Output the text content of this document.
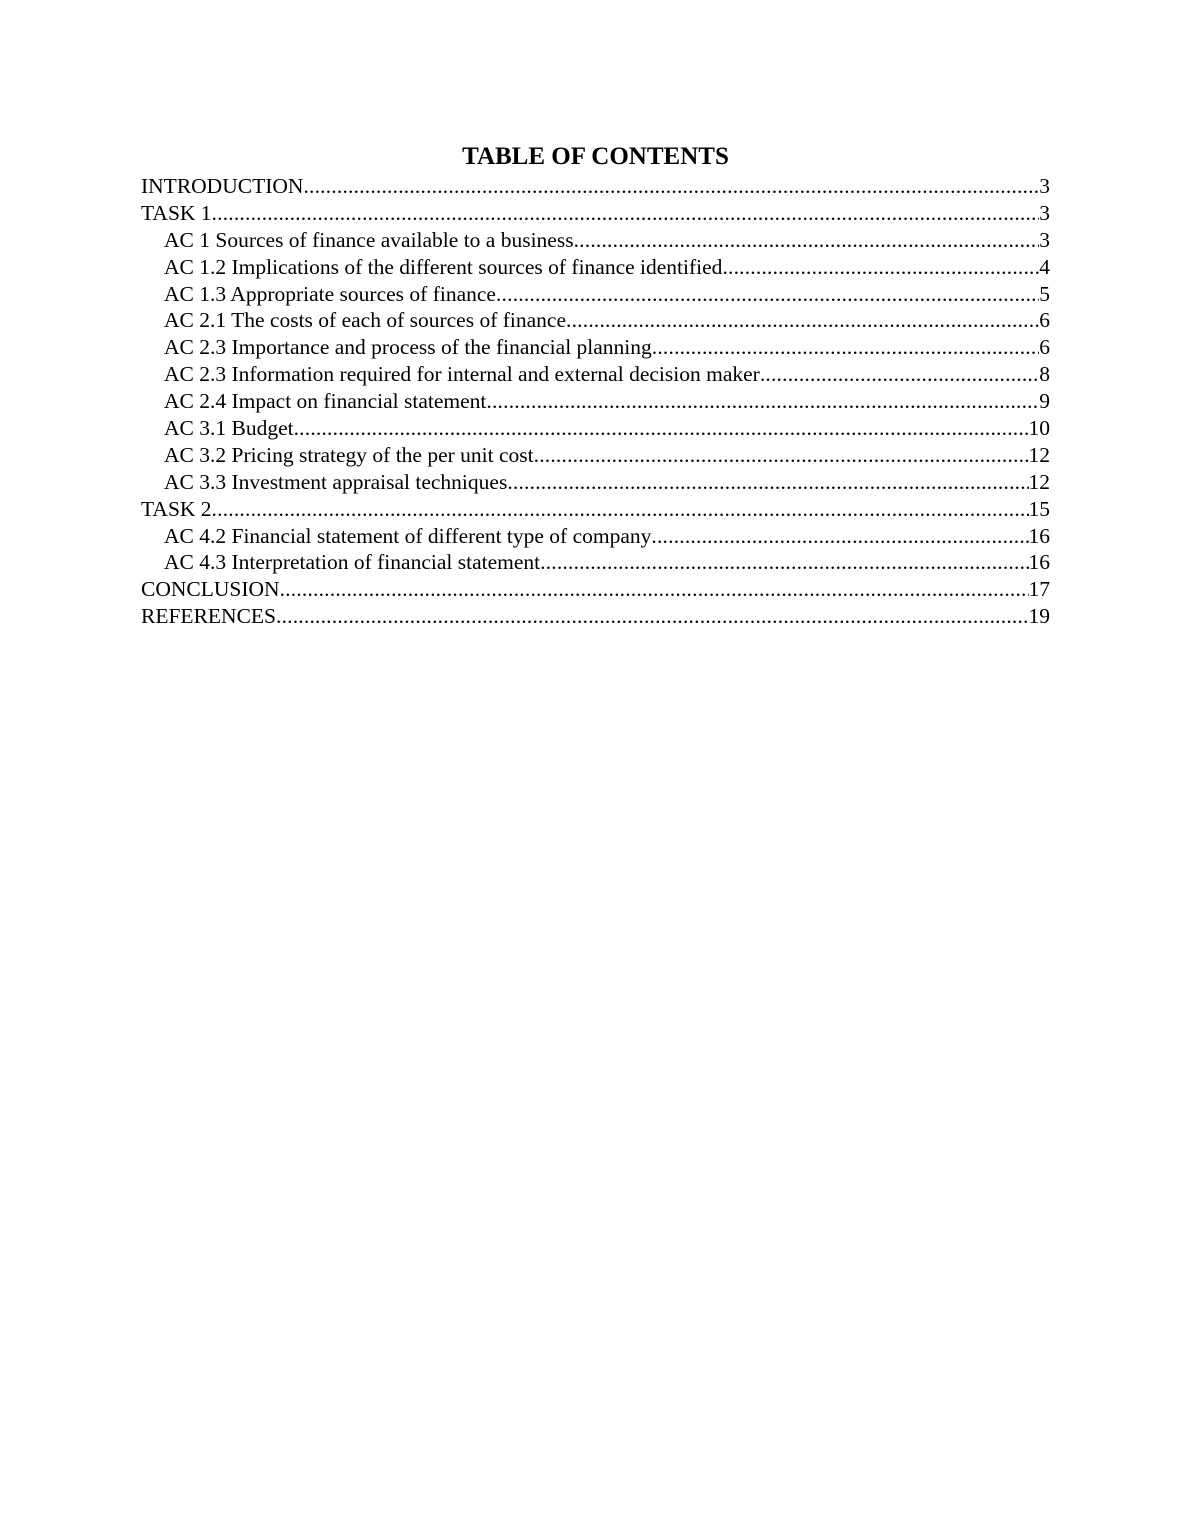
TABLE OF CONTENTS
INTRODUCTION .....	3
TASK 1 .....	3
AC 1 Sources of finance available to a business .....	3
AC 1.2 Implications of the different sources of finance identified .....	4
AC 1.3 Appropriate sources of finance .....	5
AC 2.1 The costs of each of sources of finance .....	6
AC 2.3 Importance and process of the financial planning .....	6
AC 2.3 Information required for internal and external decision maker .....	8
AC 2.4 Impact on financial statement .....	9
AC 3.1 Budget .....	10
AC 3.2 Pricing strategy of the per unit cost .....	12
AC 3.3 Investment appraisal techniques .....	12
TASK 2 .....	15
AC 4.2 Financial statement of different type of company .....	16
AC 4.3 Interpretation of financial statement .....	16
CONCLUSION .....	17
REFERENCES .....	19
